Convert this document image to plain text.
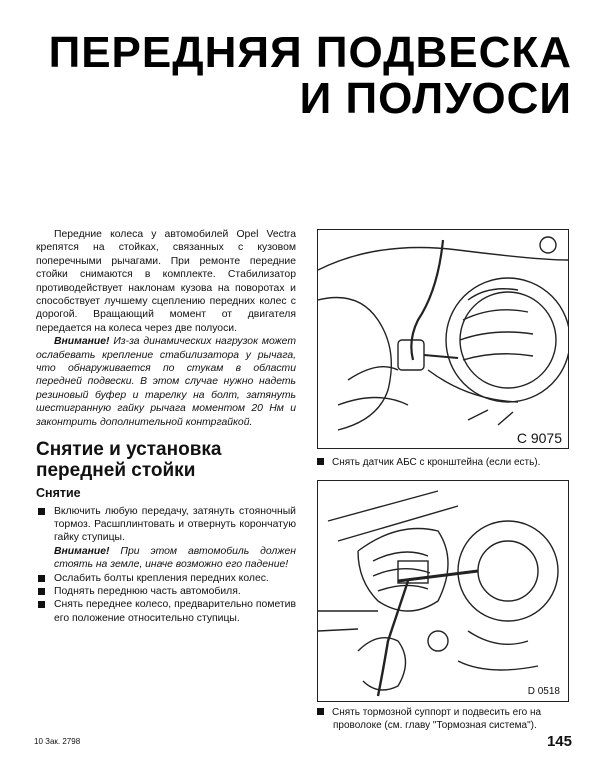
ПЕРЕДНЯЯ ПОДВЕСКА
И ПОЛУОСИ

Передние колеса у автомобилей Opel Vectra крепятся на стойках, связанных с кузовом поперечными рычагами. При ремонте передние стойки снимаются в комплекте. Стабилизатор противодействует наклонам кузова на поворотах и способствует лучшему сцеплению передних колес с дорогой. Вращающий момент от двигателя передается на колеса через две полуоси.

Внимание! Из-за динамических нагрузок может ослабевать крепление стабилизатора у рычага, что обнаруживается по стукам в области передней подвески. В этом случае нужно надеть резиновый буфер и тарелку на болт, затянуть шестигранную гайку рычага моментом 20 Нм и законтрить дополнительной контргайкой.

Снятие и установка передней стойки
Снятие

Включить любую передачу, затянуть стояночный тормоз. Расшплинтовать и отвернуть корончатую гайку ступицы.

Внимание! При этом автомобиль должен стоять на земле, иначе возможно его падение!

Ослабить болты крепления передних колес.

Поднять переднюю часть автомобиля.

Снять переднее колесо, предварительно пометив его положение относительно ступицы.

C 9075
Снять датчик АБС с кронштейна (если есть).
D 0518
Снять тормозной суппорт и подвесить его на
проволоке (см. главу "Тормозная система").
10 Зак. 2798	145
